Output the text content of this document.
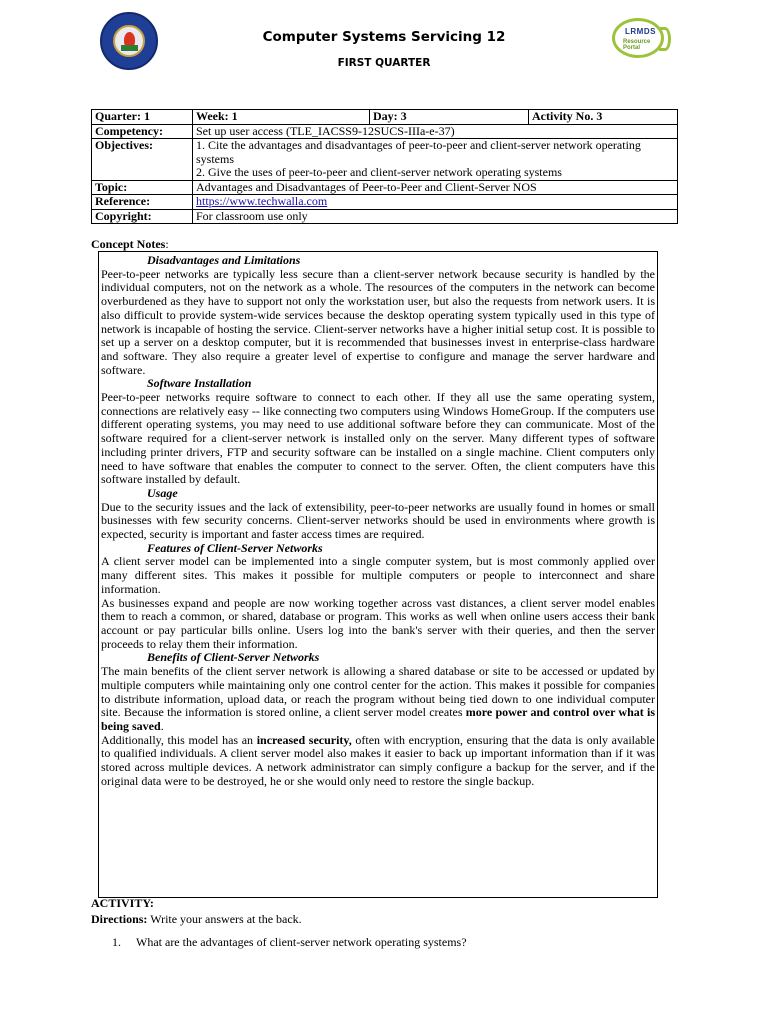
Computer Systems Servicing 12
FIRST QUARTER
LRMDS
Resource Portal
Quarter: 1	Week: 1	Day: 3	Activity No. 3
Competency:	Set up user access (TLE_IACSS9-12SUCS-IIIa-e-37)		
Objectives:	1. Cite the advantages and disadvantages of peer-to-peer and client-server network operating systems
2. Give the uses of peer-to-peer and client-server network operating systems		

Topic:	Advantages and Disadvantages of Peer-to-Peer and Client-Server NOS		
Reference:	https://www.techwalla.com		
Copyright:	For classroom use only		
Concept Notes:
Disadvantages and Limitations

Peer-to-peer networks are typically less secure than a client-server network because security is handled by the individual computers, not on the network as a whole. The resources of the computers in the network can become overburdened as they have to support not only the workstation user, but also the requests from network users. It is also difficult to provide system-wide services because the desktop operating system typically used in this type of network is incapable of hosting the service. Client-server networks have a higher initial setup cost. It is possible to set up a server on a desktop computer, but it is recommended that businesses invest in enterprise-class hardware and software. They also require a greater level of expertise to configure and manage the server hardware and software.

Software Installation

Peer-to-peer networks require software to connect to each other. If they all use the same operating system, connections are relatively easy -- like connecting two computers using Windows HomeGroup. If the computers use different operating systems, you may need to use additional software before they can communicate. Most of the software required for a client-server network is installed only on the server. Many different types of software including printer drivers, FTP and security software can be installed on a single machine. Client computers only need to have software that enables the computer to connect to the server. Often, the client computers have this software installed by default.

Usage

Due to the security issues and the lack of extensibility, peer-to-peer networks are usually found in homes or small businesses with few security concerns. Client-server networks should be used in environments where growth is expected, security is important and faster access times are required.

Features of Client-Server Networks

A client server model can be implemented into a single computer system, but is most commonly applied over many different sites. This makes it possible for multiple computers or people to interconnect and share information.

As businesses expand and people are now working together across vast distances, a client server model enables them to reach a common, or shared, database or program. This works as well when online users access their bank account or pay particular bills online. Users log into the bank's server with their queries, and then the server proceeds to relay them their information.

Benefits of Client-Server Networks

The main benefits of the client server network is allowing a shared database or site to be accessed or updated by multiple computers while maintaining only one control center for the action. This makes it possible for companies to distribute information, upload data, or reach the program without being tied down to one individual computer site. Because the information is stored online, a client server model creates more power and control over what is being saved.

Additionally, this model has an increased security, often with encryption, ensuring that the data is only available to qualified individuals. A client server model also makes it easier to back up important information than if it was stored across multiple devices. A network administrator can simply configure a backup for the server, and if the original data were to be destroyed, he or she would only need to restore the single backup.

ACTIVITY:
Directions: Write your answers at the back.
1. What are the advantages of client-server network operating systems?
